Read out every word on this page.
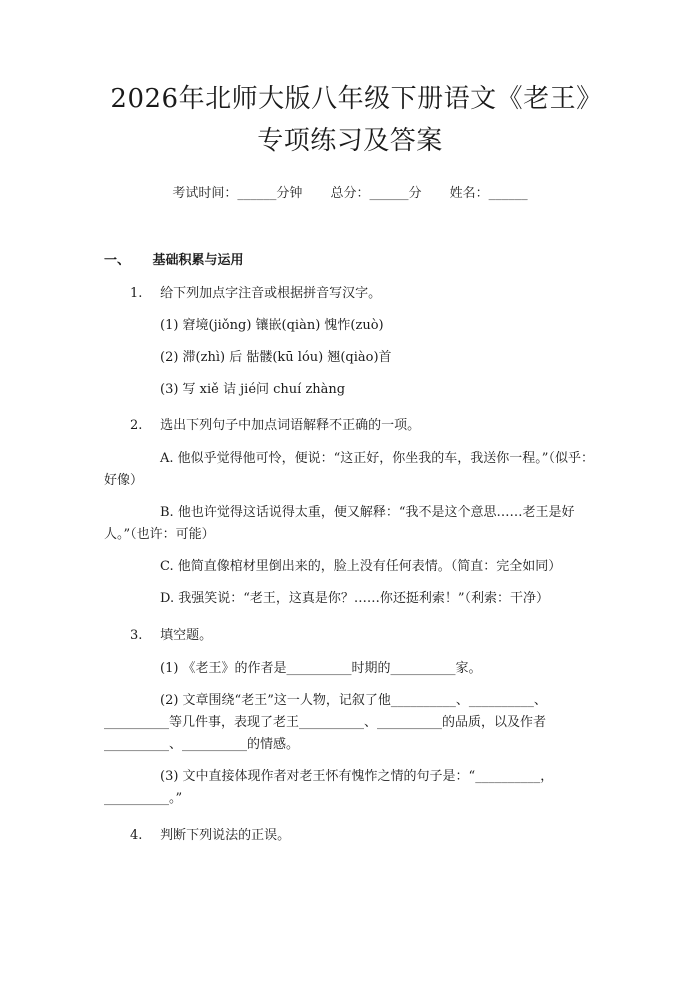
2026年北师大版八年级下册语文《老王》专项练习及答案
考试时间：______分钟 总分：______分 姓名：______
一、 基础积累与运用
1. 给下列加点字注音或根据拼音写汉字。
(1) 窘境(jiǒng) 镶嵌(qiàn) 愧怍(zuò)
(2) 滞(zhì) 后 骷髅(kū lóu) 翘(qiào)首
(3) 写 xiě 诘 jié问 chuí zhàng
2. 选出下列句子中加点词语解释不正确的一项。
A. 他似乎觉得他可怜，便说：“这正好，你坐我的车，我送你一程。”（似乎：好像）
B. 他也许觉得这话说得太重，便又解释：“我不是这个意思……老王是好人。”（也许：可能）
C. 他简直像棺材里倒出来的，脸上没有任何表情。（简直：完全如同）
D. 我强笑说：“老王，这真是你？……你还挺利索！”（利索：干净）
3. 填空题。
(1) 《老王》的作者是__________时期的__________家。
(2) 文章围绕“老王”这一人物，记叙了他__________、__________、__________等几件事，表现了老王__________、__________的品质，以及作者__________、__________的情感。
(3) 文中直接体现作者对老王怀有愧怍之情的句子是：“__________，__________。”
4. 判断下列说法的正误。
